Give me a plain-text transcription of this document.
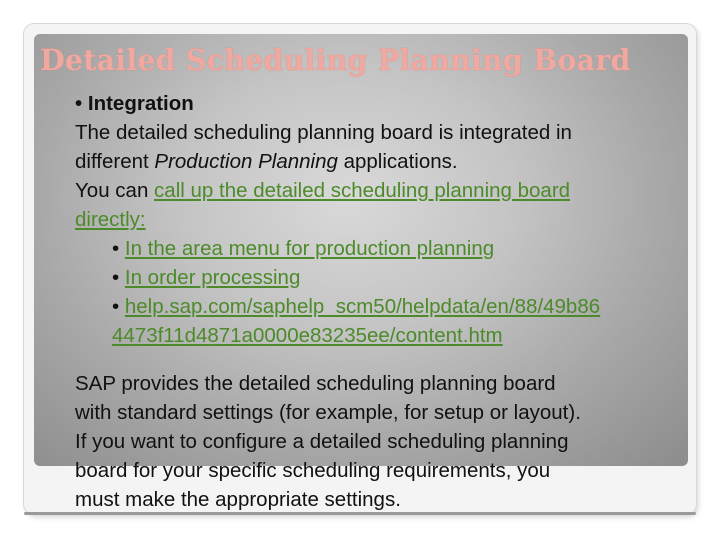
Detailed Scheduling Planning Board
• Integration
The detailed scheduling planning board is integrated in
different Production Planning applications.
You can call up the detailed scheduling planning board
directly:
• In the area menu for production planning
• In order processing
• help.sap.com/saphelp_scm50/helpdata/en/88/49b86
4473f11d4871a0000e83235ee/content.htm
SAP provides the detailed scheduling planning board
with standard settings (for example, for setup or layout).
If you want to configure a detailed scheduling planning
board for your specific scheduling requirements, you
must make the appropriate settings.
